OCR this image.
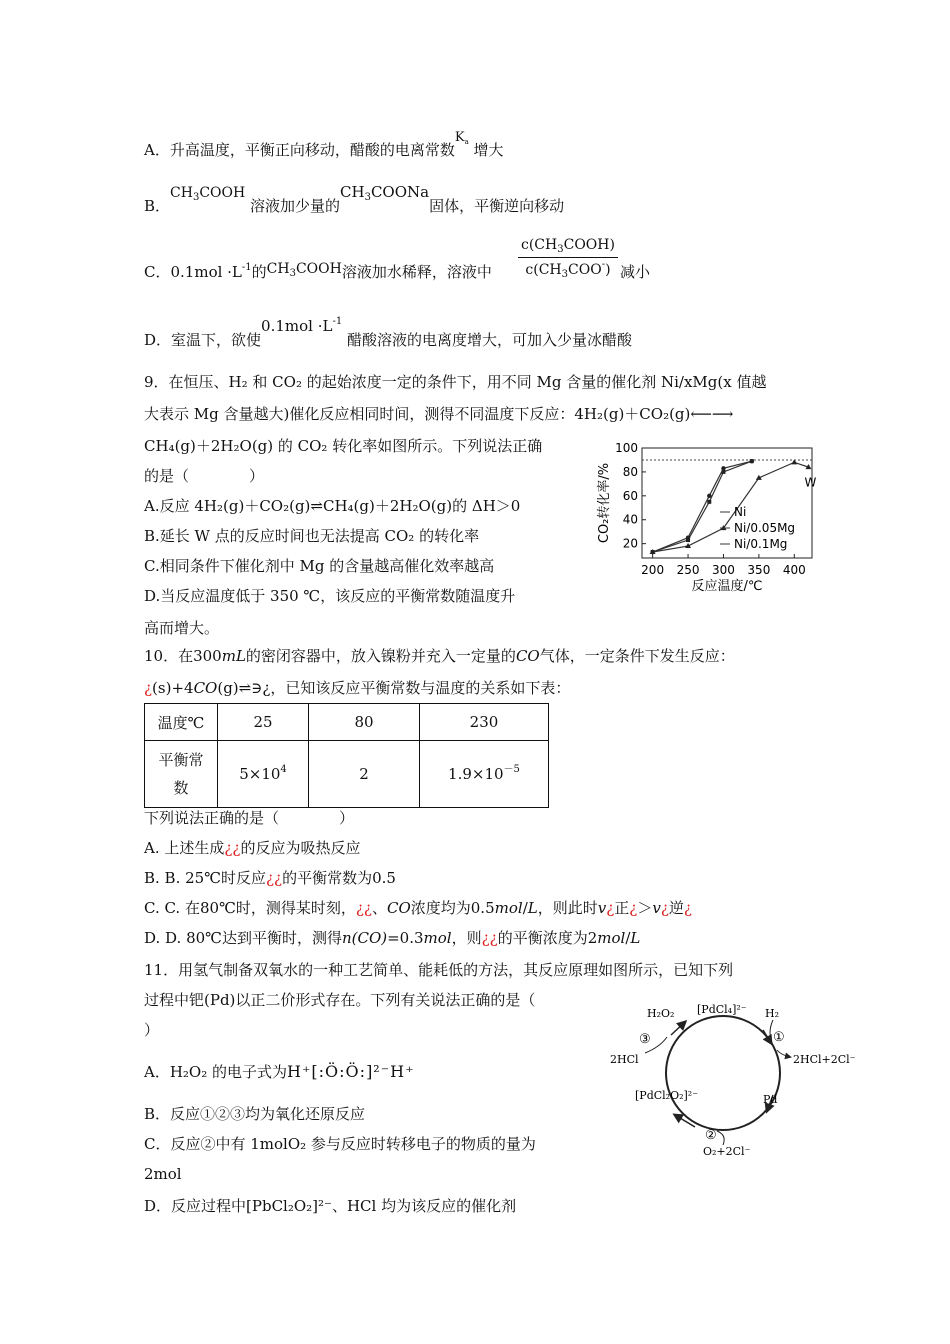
A．升高温度，平衡正向移动，醋酸的电离常数$K_a$ 增大
B．$CH_3COOH$ 溶液加少量的$CH_3COONa$固体，平衡逆向移动
C．$0.1mol \cdot L^{-1}$的$CH_3COOH$溶液加水稀释，溶液中
$c(CH_3COOH)$
$c(CH_3COO^-)$ 减小
D．室温下，欲使$0.1mol \cdot L^{-1}$ 醋酸溶液的电离度增大，可加入少量冰醋酸
9．在恒压、H₂ 和 CO₂ 的起始浓度一定的条件下，用不同 Mg 含量的催化剂 Ni/xMg(x 值越
大表示 Mg 含量越大)催化反应相同时间，测得不同温度下反应：4H₂(g)＋CO₂(g)⟵⟶
CH₄(g)＋2H₂O(g) 的 CO₂ 转化率如图所示。下列说法正确
的是（　　　　）
A.反应 4H₂(g)＋CO₂(g)⇌CH₄(g)＋2H₂O(g)的 ΔH＞0
B.延长 W 点的反应时间也无法提高 CO₂ 的转化率
C.相同条件下催化剂中 Mg 的含量越高催化效率越高
D.当反应温度低于 350 ℃，该反应的平衡常数随温度升
高而增大。
20
40
60
80
100
200 250 300 350 400
反应温度/℃
CO₂转化率/%	Ni
Ni/0.05Mg
Ni/0.1Mg
W
10．在300mL的密闭容器中，放入镍粉并充入一定量的CO气体，一定条件下发生反应：
¿(s)+4CO(g)⇌∋¿，已知该反应平衡常数与温度的关系如下表：
温度℃	25	80	230
平衡常
数	$5\times 10^4$	2	$1.9\times 10^{-5}$
下列说法正确的是（　　　　）
A. 上述生成¿¿的反应为吸热反应
B. B. 25℃时反应¿¿的平衡常数为0.5
C. C. 在80℃时，测得某时刻，¿¿、CO浓度均为0.5mol/L，则此时v¿正¿＞v¿逆¿
D. D. 80℃达到平衡时，测得n(CO)=0.3mol，则¿¿的平衡浓度为2mol/L
11．用氢气制备双氧水的一种工艺简单、能耗低的方法，其反应原理如图所示，已知下列
过程中钯(Pd)以正二价形式存在。下列有关说法正确的是（
）
A．H₂O₂ 的电子式为H⁺[:Ö:Ö:]²⁻H⁺
B．反应①②③均为氧化还原反应
C．反应②中有 1molO₂ 参与反应时转移电子的物质的量为
2mol
D．反应过程中[PbCl₂O₂]²⁻、HCl 均为该反应的催化剂
H₂O₂ [PdCl₄]²⁻ H₂
①
③
2HCl	2HCl+2Cl⁻
Pd
[PdCl₂O₂]²⁻
②
O₂+2Cl⁻
